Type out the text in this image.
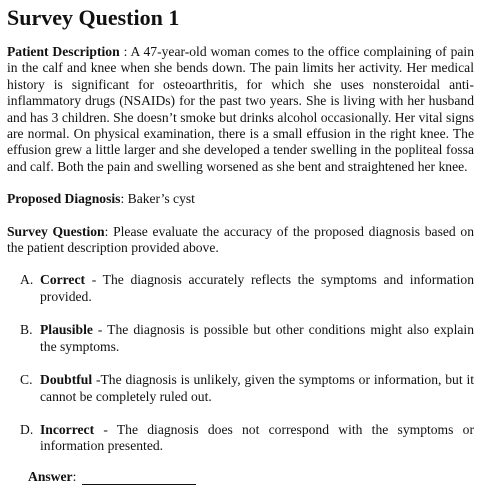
Survey Question 1

Patient Description : A 47-year-old woman comes to the office complaining of pain in the calf and knee when she bends down. The pain limits her activity. Her medical history is significant for osteoarthritis, for which she uses nonsteroidal anti-inflammatory drugs (NSAIDs) for the past two years. She is living with her husband and has 3 children. She doesn’t smoke but drinks alcohol occasionally. Her vital signs are normal. On physical examination, there is a small effusion in the right knee. The effusion grew a little larger and she developed a tender swelling in the popliteal fossa and calf. Both the pain and swelling worsened as she bent and straightened her knee.

Proposed Diagnosis: Baker’s cyst

Survey Question: Please evaluate the accuracy of the proposed diagnosis based on the patient description provided above.

A. Correct - The diagnosis accurately reflects the symptoms and information provided.
B. Plausible - The diagnosis is possible but other conditions might also explain the symptoms.
C. Doubtful -The diagnosis is unlikely, given the symptoms or information, but it cannot be completely ruled out.
D. Incorrect - The diagnosis does not correspond with the symptoms or information presented.
Answer :
